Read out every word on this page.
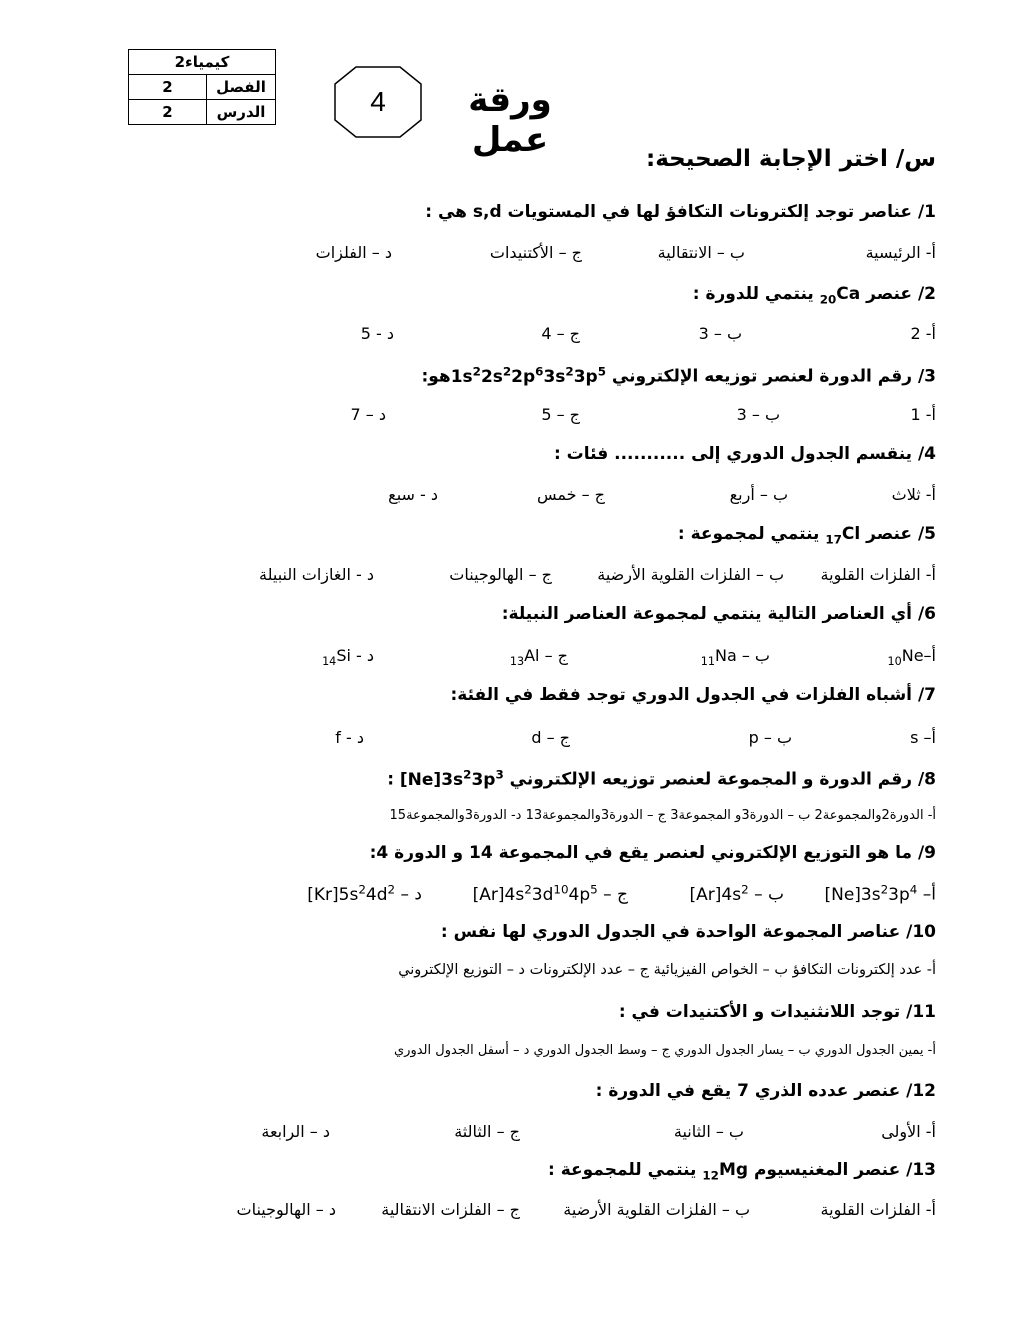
كيمياء2	
2	الفصل
2	الدرس	4	ورقة عمل	س/ اختر الإجابة الصحيحة:
1/ عناصر توجد إلكترونات التكافؤ لها في المستويات s,d هي :
أ- الرئيسية
ب – الانتقالية
ج – الأكتنيدات
د – الفلزات
2/ عنصر $_{20}$Ca ينتمي للدورة :
أ- 2
ب – 3
ج – 4
د - 5
3/ رقم الدورة لعنصر توزيعه الإلكتروني $1s^22s^22p^63s^23p^5هو$:
أ- 1
ب – 3
ج – 5
د – 7
4/ ينقسم الجدول الدوري إلى ........... فئات :
أ- ثلاث
ب – أربع
ج – خمس
د - سبع
5/ عنصر $_{17}$Cl ينتمي لمجموعة :
أ- الفلزات القلوية
ب – الفلزات القلوية الأرضية
ج – الهالوجينات
د - الغازات النبيلة
6/ أي العناصر التالية ينتمي لمجموعة العناصر النبيلة:
$أ-_{10}Ne$
ب – $_{11}$Na
ج – $_{13}$Al
د - $_{14}$Si
7/ أشباه الفلزات في الجدول الدوري توجد فقط في الفئة:
أ– s
ب – p
ج – d
د - f
8/ رقم الدورة و المجموعة لعنصر توزيعه الإلكتروني $[Ne]3s^23p^3$ :
أ- الدورة2والمجموعة2 ب – الدورة3و المجموعة3 ج – الدورة3والمجموعة13 د- الدورة3والمجموعة15
9/ ما هو التوزيع الإلكتروني لعنصر يقع في المجموعة 14 و الدورة 4:
أ– $[Ne]3s^23p^4$
ب – $[Ar]4s^2$
ج – $[Ar]4s^23d^{10}4p^5$
د – $[Kr]5s^24d^2$
10/ عناصر المجموعة الواحدة في الجدول الدوري لها نفس :
أ- عدد إلكترونات التكافؤ ب – الخواص الفيزيائية ج – عدد الإلكترونات د – التوزيع الإلكتروني
11/ توجد اللانثنيدات و الأكتنيدات في :
أ- يمين الجدول الدوري ب – يسار الجدول الدوري ج – وسط الجدول الدوري د – أسفل الجدول الدوري
12/ عنصر عدده الذري 7 يقع في الدورة :
أ- الأولى
ب – الثانية
ج – الثالثة
د – الرابعة
13/ عنصر المغنيسيوم $_{12}$Mg ينتمي للمجموعة :
أ- الفلزات القلوية
ب – الفلزات القلوية الأرضية
ج – الفلزات الانتقالية
د – الهالوجينات
